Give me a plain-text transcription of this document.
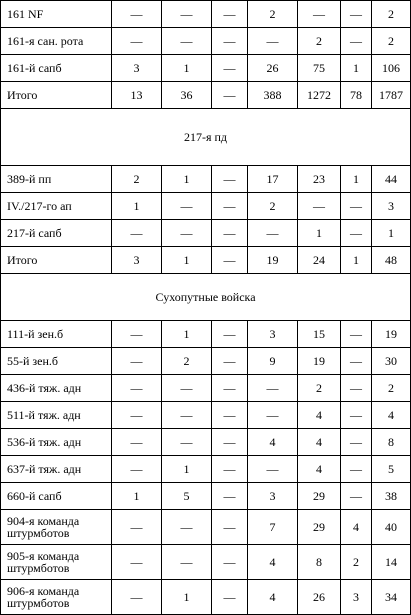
161 NF	—	—	—	2	—	—	2
161-я сан. рота	—	—	—	—	2	—	2
161-й сапб	3	1	—	26	75	1	106
Итого	13	36	—	388	1272	78	1787
217-я пд							
389-й пп	2	1	—	17	23	1	44
IV./217-го ап	1	—	—	2	—	—	3
217-й сапб	—	—	—	—	1	—	1
Итого	3	1	—	19	24	1	48
Сухопутные войска							
111-й зен.б	—	1	—	3	15	—	19
55-й зен.б	—	2	—	9	19	—	30
436-й тяж. адн	—	—	—	—	2	—	2
511-й тяж. адн	—	—	—	—	4	—	4
536-й тяж. адн	—	—	—	4	4	—	8
637-й тяж. адн	—	1	—	—	4	—	5
660-й сапб	1	5	—	3	29	—	38
904-я команда штурмботов	—	—	—	7	29	4	40
905-я команда штурмботов	—	—	—	4	8	2	14
906-я команда штурмботов	—	1	—	4	26	3	34
